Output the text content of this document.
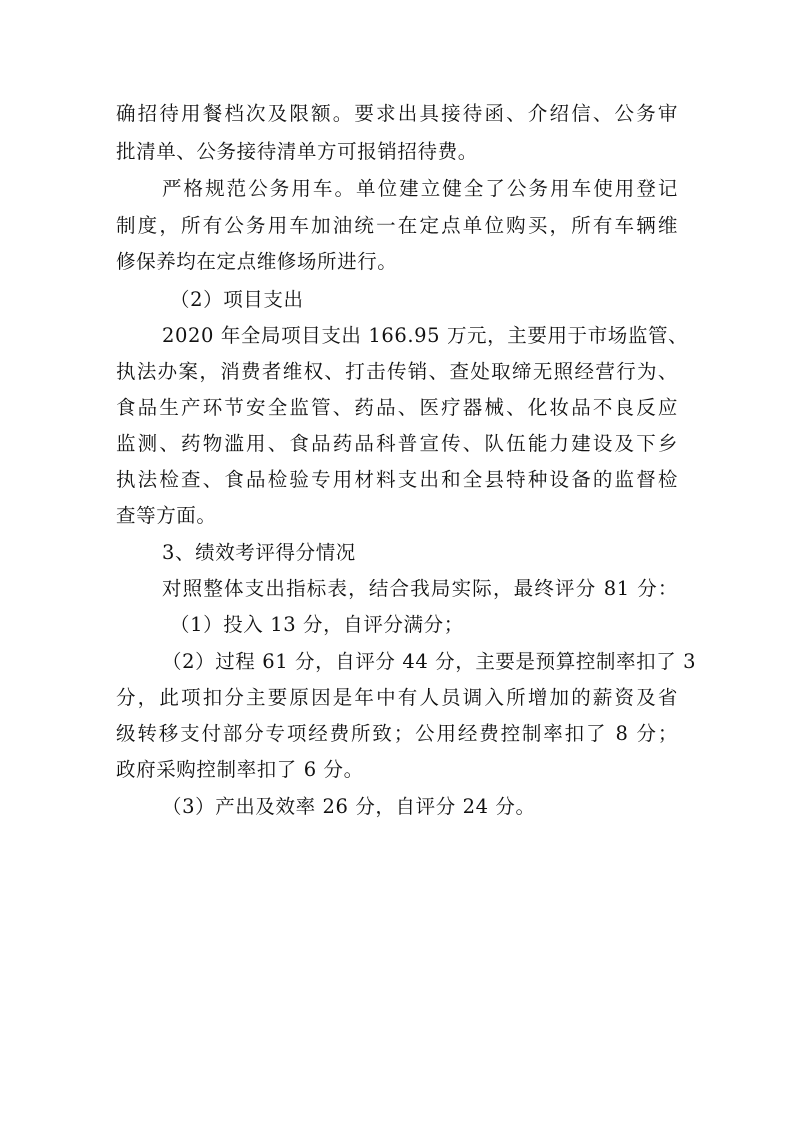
确招待用餐档次及限额。要求出具接待函、介绍信、公务审
批清单、公务接待清单方可报销招待费。
严格规范公务用车。单位建立健全了公务用车使用登记
制度，所有公务用车加油统一在定点单位购买，所有车辆维
修保养均在定点维修场所进行。
（2）项目支出
2020 年全局项目支出 166.95 万元，主要用于市场监管、
执法办案，消费者维权、打击传销、查处取缔无照经营行为、
食品生产环节安全监管、药品、医疗器械、化妆品不良反应
监测、药物滥用、食品药品科普宣传、队伍能力建设及下乡
执法检查、食品检验专用材料支出和全县特种设备的监督检
查等方面。
3、绩效考评得分情况
对照整体支出指标表，结合我局实际，最终评分 81 分：
（1）投入 13 分，自评分满分；
（2）过程 61 分，自评分 44 分，主要是预算控制率扣了 3
分，此项扣分主要原因是年中有人员调入所增加的薪资及省
级转移支付部分专项经费所致；公用经费控制率扣了 8 分；
政府采购控制率扣了 6 分。
（3）产出及效率 26 分，自评分 24 分。
